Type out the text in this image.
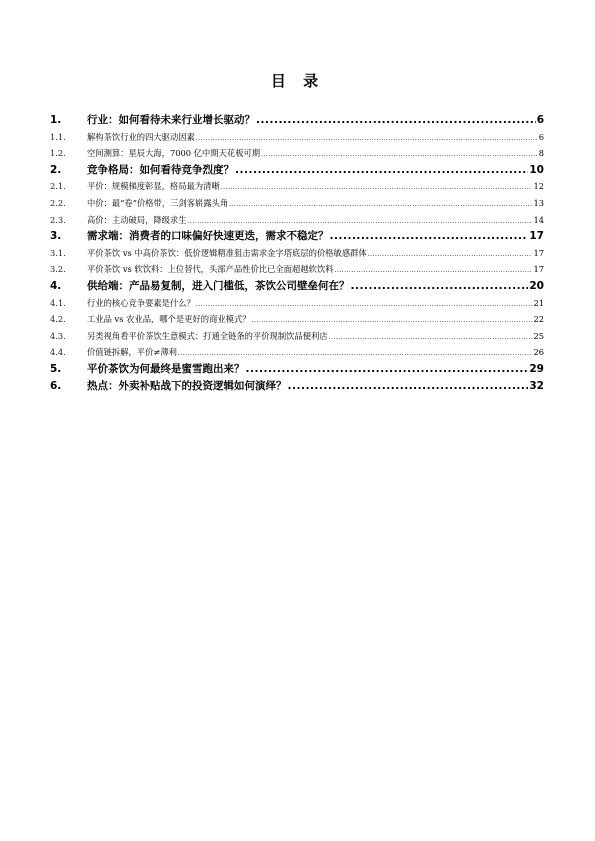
目 录
1.	行业：如何看待未来行业增长驱动？ .....	6
1.1.	解构茶饮行业的四大驱动因素 .....	6
1.2.	空间测算：星辰大海，7000 亿中期天花板可期 .....	8
2.	竞争格局：如何看待竞争烈度？ .....	10
2.1.	平价：规模梯度彰显，格局最为清晰 .....	12
2.2.	中价：最“卷”价格带，三剑客崭露头角 .....	13
2.3.	高价：主动破局，降级求生 .....	14
3.	需求端：消费者的口味偏好快速更迭，需求不稳定？ .....	17
3.1.	平价茶饮 vs 中高价茶饮：低价逻辑精准狙击需求金字塔底层的价格敏感群体 .....	17
3.2.	平价茶饮 vs 软饮料：上位替代，头部产品性价比已全面超越软饮料 .....	17
4.	供给端：产品易复制，进入门槛低，茶饮公司壁垒何在？ .....	20
4.1.	行业的核心竞争要素是什么？ .....	21
4.2.	工业品 vs 农业品，哪个是更好的商业模式？ .....	22
4.3.	另类视角看平价茶饮生意模式：打通全链条的平价现制饮品便利店 .....	25
4.4.	价值链拆解，平价≠薄利 .....	26
5.	平价茶饮为何最终是蜜雪跑出来？ .....	29
6.	热点：外卖补贴战下的投资逻辑如何演绎？ .....	32
